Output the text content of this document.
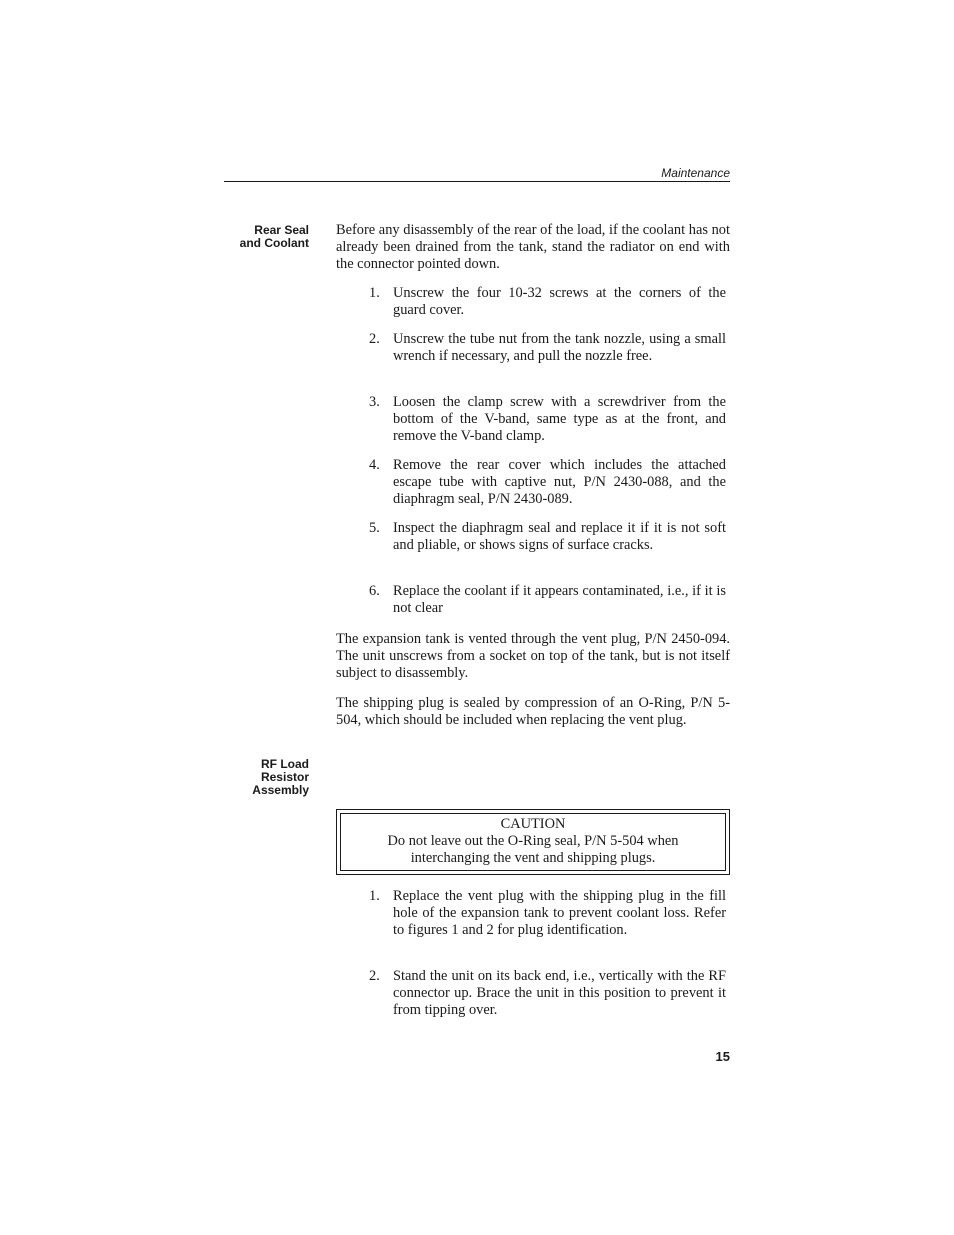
Maintenance
Rear Seal
and Coolant

Before any disassembly of the rear of the load, if the coolant has not already been drained from the tank, stand the radiator on end with the connector pointed down.

1. Unscrew the four 10-32 screws at the corners of the guard cover.
2. Unscrew the tube nut from the tank nozzle, using a small wrench if necessary, and pull the nozzle free.
3. Loosen the clamp screw with a screwdriver from the bottom of the V-band, same type as at the front, and remove the V-band clamp.
4. Remove the rear cover which includes the attached escape tube with captive nut, P/N 2430-088, and the diaphragm seal, P/N 2430-089.
5. Inspect the diaphragm seal and replace it if it is not soft and pliable, or shows signs of surface cracks.
6. Replace the coolant if it appears contaminated, i.e., if it is not clear

The expansion tank is vented through the vent plug, P/N 2450-094. The unit unscrews from a socket on top of the tank, but is not itself subject to disassembly.

The shipping plug is sealed by compression of an O-Ring, P/N 5-504, which should be included when replacing the vent plug.

RF Load
Resistor
Assembly
CAUTION
Do not leave out the O-Ring seal, P/N 5-504 when interchanging the vent and shipping plugs.
1. Replace the vent plug with the shipping plug in the fill hole of the expansion tank to prevent coolant loss. Refer to figures 1 and 2 for plug identification.
2. Stand the unit on its back end, i.e., vertically with the RF connector up. Brace the unit in this position to prevent it from tipping over.
15
